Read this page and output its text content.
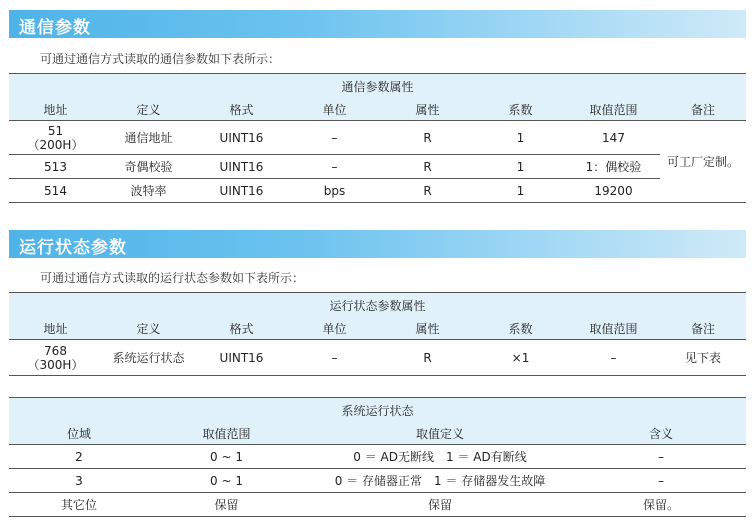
通信参数
可通过通信方式读取的通信参数如下表所示：
通信参数属性							
地址	定义	格式	单位	属性	系数	取值范围	备注

51
（200H）	通信地址	UINT16	–	R	1	147	可工厂定制。
513	奇偶校验	UINT16	–	R	1	1：偶校验	
514	波特率	UINT16	bps	R	1	19200	
运行状态参数
可通过通信方式读取的运行状态参数如下表所示：
运行状态参数属性							
地址	定义	格式	单位	属性	系数	取值范围	备注

768
（300H）	系统运行状态	UINT16	–	R	×1	–	见下表
系统运行状态			
位域	取值范围	取值定义	含义
2	0 ~ 1	0 ＝ AD无断线　1 ＝ AD有断线	–
3	0 ~ 1	0 ＝ 存储器正常　1 ＝ 存储器发生故障	–
其它位	保留	保留	保留。
